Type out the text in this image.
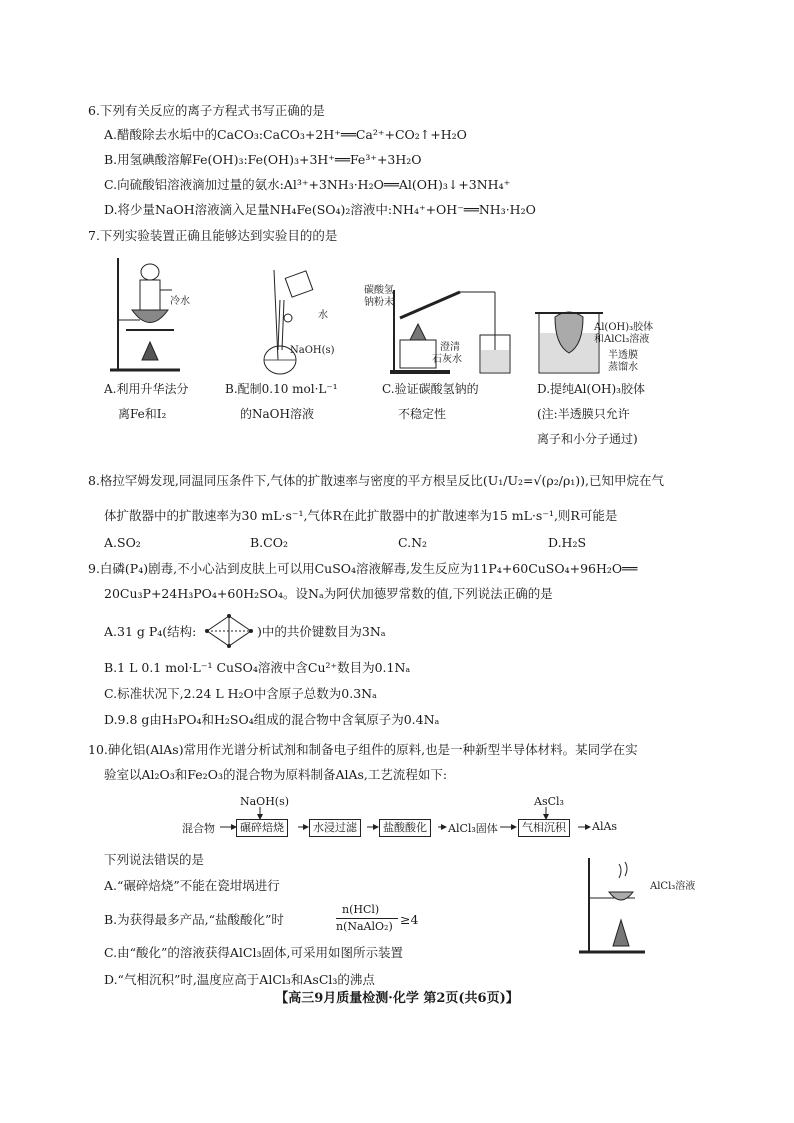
6.下列有关反应的离子方程式书写正确的是
A.醋酸除去水垢中的CaCO₃:CaCO₃+2H⁺══Ca²⁺+CO₂↑+H₂O
B.用氢碘酸溶解Fe(OH)₃:Fe(OH)₃+3H⁺══Fe³⁺+3H₂O
C.向硫酸铝溶液滴加过量的氨水:Al³⁺+3NH₃·H₂O══Al(OH)₃↓+3NH₄⁺
D.将少量NaOH溶液滴入足量NH₄Fe(SO₄)₂溶液中:NH₄⁺+OH⁻══NH₃·H₂O
7.下列实验装置正确且能够达到实验目的的是
冷水
水
NaOH(s)
碳酸氢
钠粉末
澄清
石灰水
Al(OH)₃胶体
和AlCl₃溶液
半透膜
蒸馏水
A.利用升华法分
离Fe和I₂
B.配制0.10 mol·L⁻¹
的NaOH溶液
C.验证碳酸氢钠的
不稳定性
D.提纯Al(OH)₃胶体
(注:半透膜只允许
离子和小分子通过)
8.格拉罕姆发现,同温同压条件下,气体的扩散速率与密度的平方根呈反比(U₁/U₂=√(ρ₂/ρ₁)),已知甲烷在气
体扩散器中的扩散速率为30 mL·s⁻¹,气体R在此扩散器中的扩散速率为15 mL·s⁻¹,则R可能是
A.SO₂	B.CO₂	C.N₂	D.H₂S
9.白磷(P₄)剧毒,不小心沾到皮肤上可以用CuSO₄溶液解毒,发生反应为11P₄+60CuSO₄+96H₂O══
20Cu₃P+24H₃PO₄+60H₂SO₄。设Nₐ为阿伏加德罗常数的值,下列说法正确的是
A.31 g P₄(结构:	)中的共价键数目为3Nₐ
B.1 L 0.1 mol·L⁻¹ CuSO₄溶液中含Cu²⁺数目为0.1Nₐ
C.标准状况下,2.24 L H₂O中含原子总数为0.3Nₐ
D.9.8 g由H₃PO₄和H₂SO₄组成的混合物中含氧原子为0.4Nₐ
10.砷化铝(AlAs)常用作光谱分析试剂和制备电子组件的原料,也是一种新型半导体材料。某同学在实
验室以Al₂O₃和Fe₂O₃的混合物为原料制备AlAs,工艺流程如下:
NaOH(s)	AsCl₃
混合物	碾碎焙烧	水浸过滤	盐酸酸化	AlCl₃固体	气相沉积	AlAs
下列说法错误的是
A.“碾碎焙烧”不能在瓷坩埚进行
B.为获得最多产品,“盐酸酸化”时
n(HCl)
n(NaAlO₂) ≥4
C.由“酸化”的溶液获得AlCl₃固体,可采用如图所示装置
D.“气相沉积”时,温度应高于AlCl₃和AsCl₃的沸点
AlCl₃溶液
【高三9月质量检测·化学 第2页(共6页)】
